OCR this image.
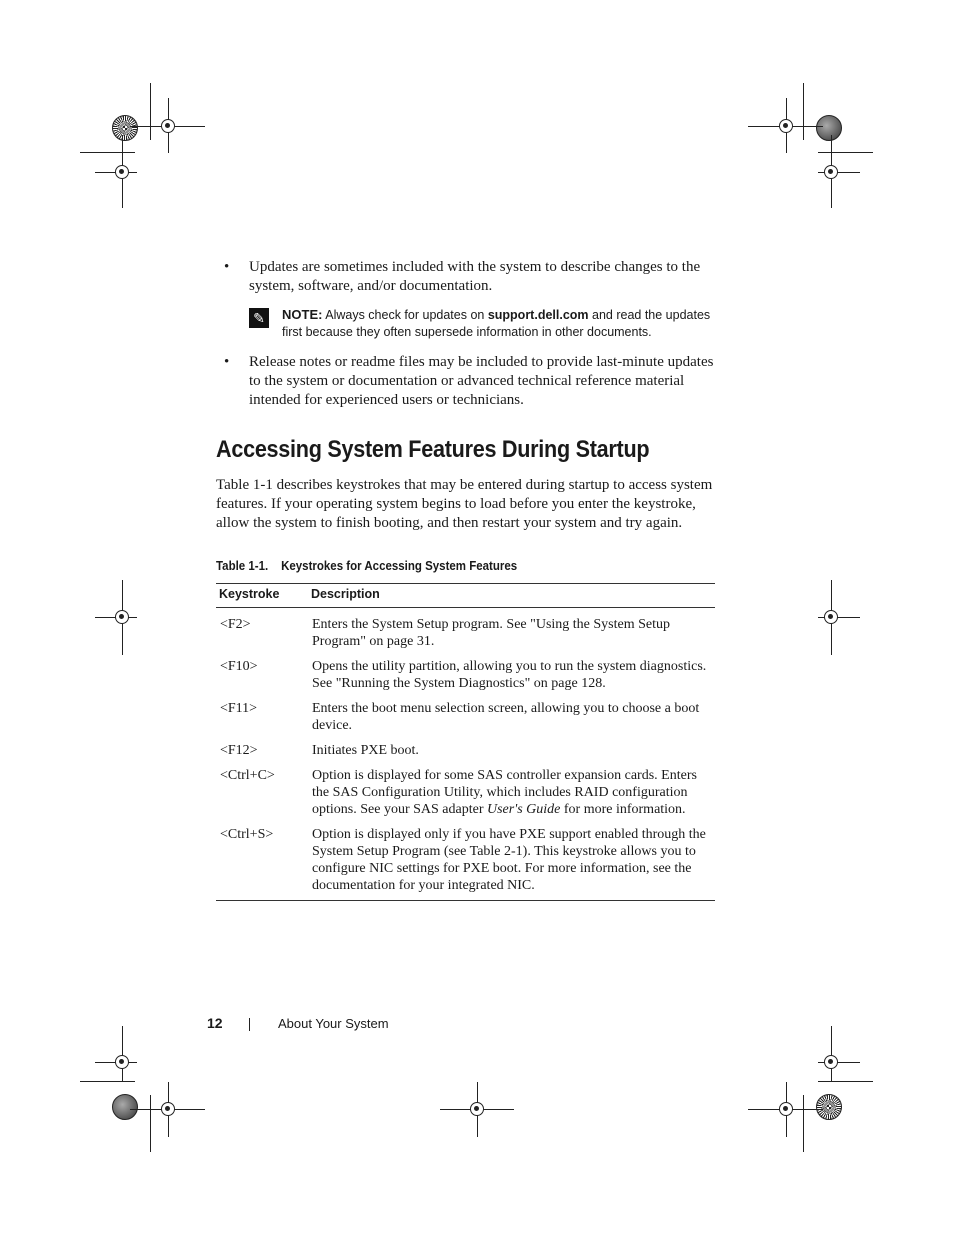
• Updates are sometimes included with the system to describe changes to the system, software, and/or documentation.
✎	NOTE: Always check for updates on support.dell.com and read the updates first because they often supersede information in other documents.
• Release notes or readme files may be included to provide last-minute updates to the system or documentation or advanced technical reference material intended for experienced users or technicians.
Accessing System Features During Startup

Table 1-1 describes keystrokes that may be entered during startup to access system features. If your operating system begins to load before you enter the keystroke, allow the system to finish booting, and then restart your system and try again.

Table 1-1. Keystrokes for Accessing System Features
Keystroke	Description
<F2>	Enters the System Setup program. See "Using the System Setup Program" on page 31.
<F10>	Opens the utility partition, allowing you to run the system diagnostics. See "Running the System Diagnostics" on page 128.
<F11>	Enters the boot menu selection screen, allowing you to choose a boot device.
<F12>	Initiates PXE boot.
<Ctrl+C>	Option is displayed for some SAS controller expansion cards. Enters the SAS Configuration Utility, which includes RAID configuration options. See your SAS adapter User's Guide for more information.
<Ctrl+S>	Option is displayed only if you have PXE support enabled through the System Setup Program (see Table 2-1). This keystroke allows you to configure NIC settings for PXE boot. For more information, see the documentation for your integrated NIC.
12	About Your System
